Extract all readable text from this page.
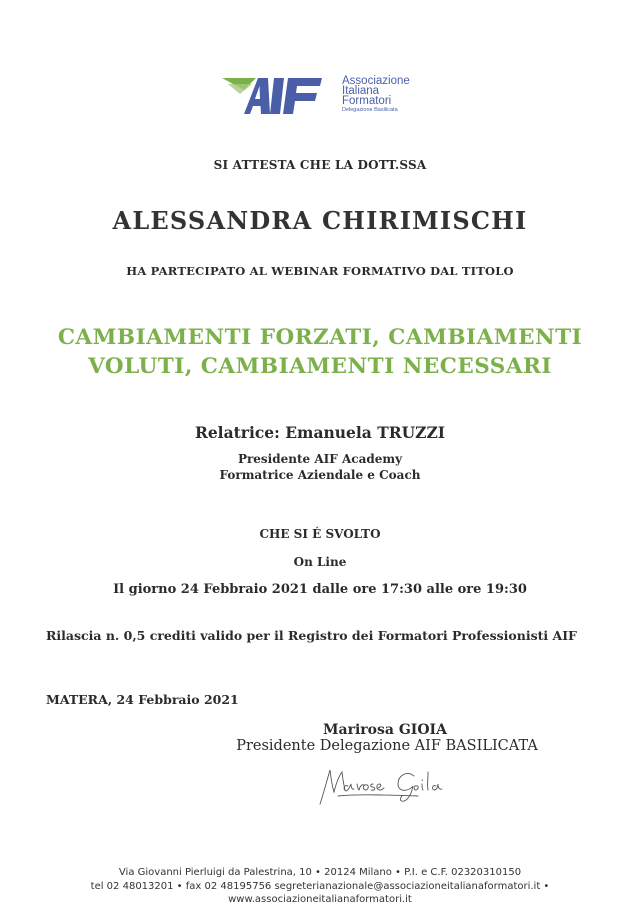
Associazione
Italiana
Formatori
Delegazione Basilicata
SI ATTESTA CHE LA DOTT.SSA
ALESSANDRA CHIRIMISCHI
HA PARTECIPATO AL WEBINAR FORMATIVO DAL TITOLO
CAMBIAMENTI FORZATI, CAMBIAMENTI
VOLUTI, CAMBIAMENTI NECESSARI
Relatrice: Emanuela TRUZZI
Presidente AIF Academy
Formatrice Aziendale e Coach
CHE SI É SVOLTO
On Line
Il giorno 24 Febbraio 2021 dalle ore 17:30 alle ore 19:30
Rilascia n. 0,5 crediti valido per il Registro dei Formatori Professionisti AIF
MATERA, 24 Febbraio 2021
Marirosa GIOIA
Presidente Delegazione AIF BASILICATA
Via Giovanni Pierluigi da Palestrina, 10 • 20124 Milano • P.I. e C.F. 02320310150
tel 02 48013201 • fax 02 48195756 segreterianazionale@associazioneitalianaformatori.it •
www.associazioneitalianaformatori.it
